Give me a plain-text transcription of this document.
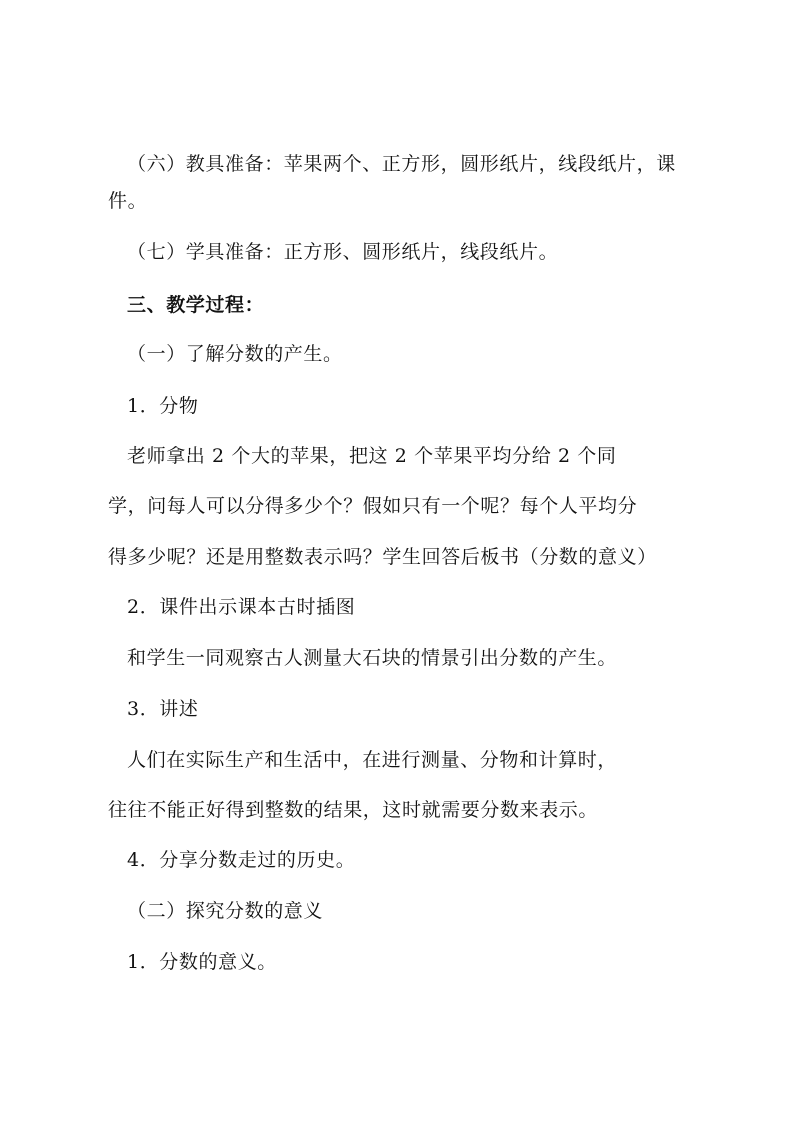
（六）教具准备：苹果两个、正方形，圆形纸片，线段纸片，课

件。

（七）学具准备：正方形、圆形纸片，线段纸片。

三、教学过程：

（一）了解分数的产生。

1．分物

老师拿出 2 个大的苹果，把这 2 个苹果平均分给 2 个同

学，问每人可以分得多少个？假如只有一个呢？每个人平均分

得多少呢？还是用整数表示吗？学生回答后板书（分数的意义）

2．课件出示课本古时插图

和学生一同观察古人测量大石块的情景引出分数的产生。

3．讲述

人们在实际生产和生活中，在进行测量、分物和计算时，

往往不能正好得到整数的结果，这时就需要分数来表示。

4．分享分数走过的历史。

（二）探究分数的意义

1．分数的意义。
